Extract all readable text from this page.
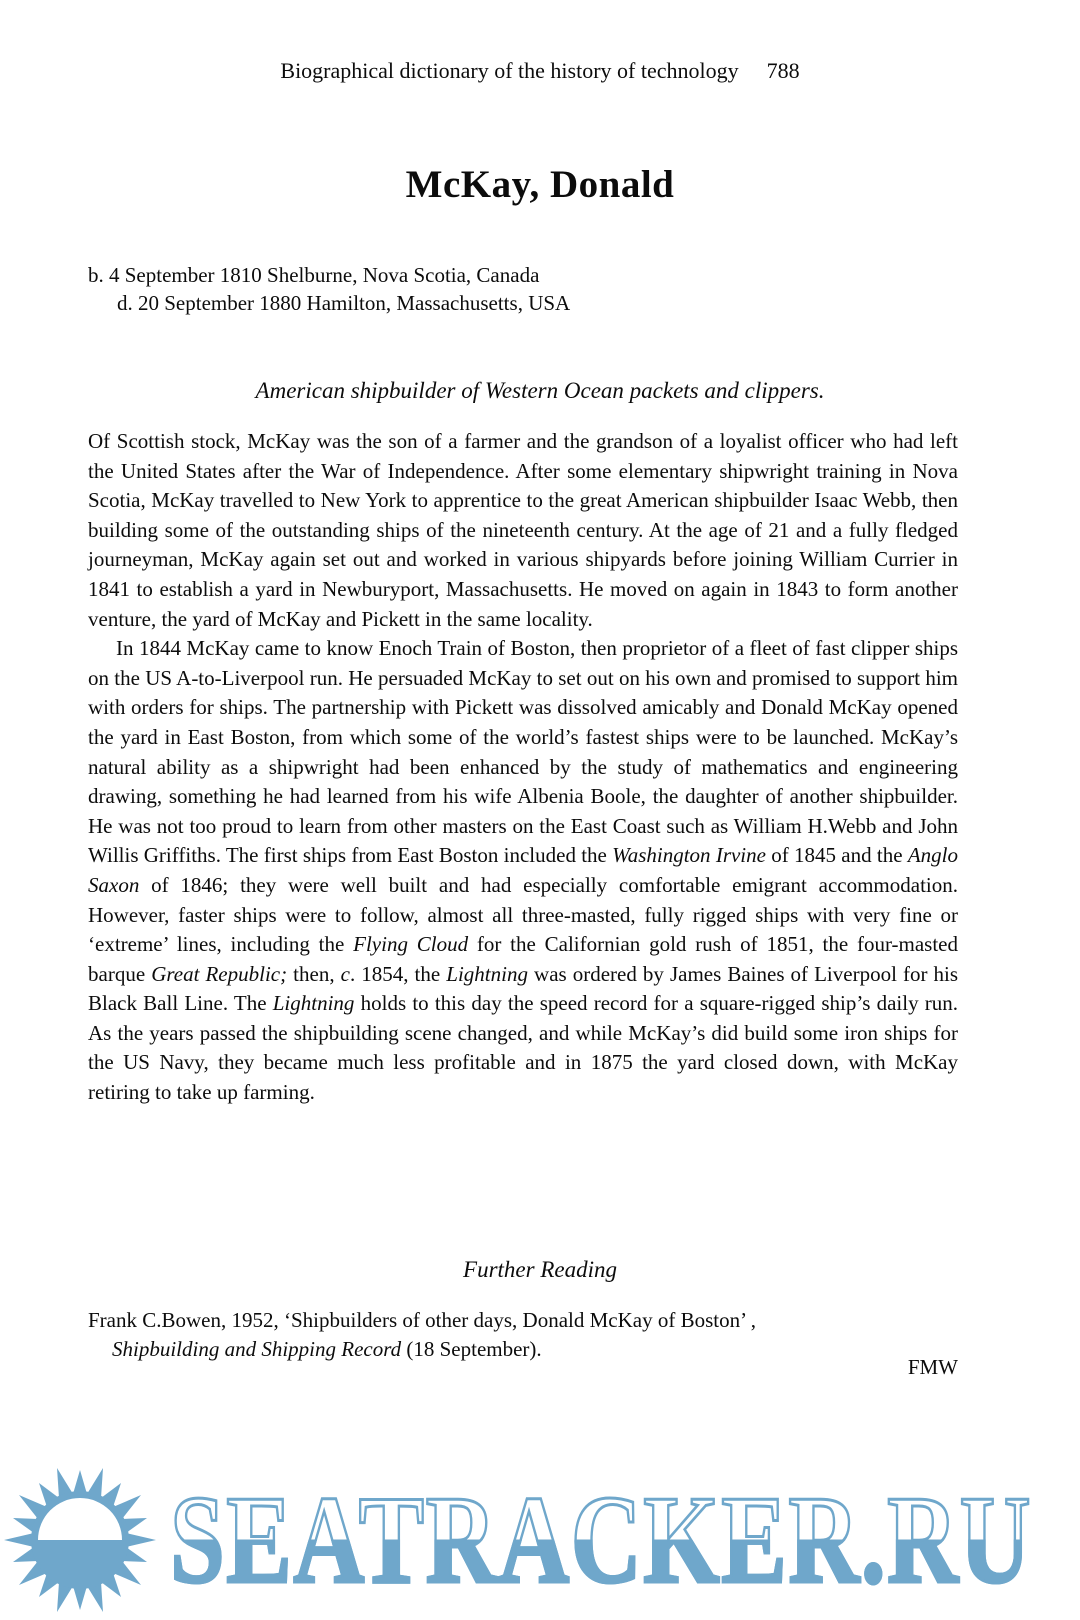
Biographical dictionary of the history of technology 788
McKay, Donald
b. 4 September 1810 Shelburne, Nova Scotia, Canada
d. 20 September 1880 Hamilton, Massachusetts, USA
American shipbuilder of Western Ocean packets and clippers.

Of Scottish stock, McKay was the son of a farmer and the grandson of a loyalist officer who had left the United States after the War of Independence. After some elementary shipwright training in Nova Scotia, McKay travelled to New York to apprentice to the great American shipbuilder Isaac Webb, then building some of the outstanding ships of the nineteenth century. At the age of 21 and a fully fledged journeyman, McKay again set out and worked in various shipyards before joining William Currier in 1841 to establish a yard in Newburyport, Massachusetts. He moved on again in 1843 to form another venture, the yard of McKay and Pickett in the same locality.

In 1844 McKay came to know Enoch Train of Boston, then proprietor of a fleet of fast clipper ships on the US A-to-Liverpool run. He persuaded McKay to set out on his own and promised to support him with orders for ships. The partnership with Pickett was dissolved amicably and Donald McKay opened the yard in East Boston, from which some of the world’s fastest ships were to be launched. McKay’s natural ability as a shipwright had been enhanced by the study of mathematics and engineering drawing, something he had learned from his wife Albenia Boole, the daughter of another shipbuilder. He was not too proud to learn from other masters on the East Coast such as William H.Webb and John Willis Griffiths. The first ships from East Boston included the Washington Irvine of 1845 and the Anglo Saxon of 1846; they were well built and had especially comfortable emigrant accommodation. However, faster ships were to follow, almost all three-masted, fully rigged ships with very fine or ‘extreme’ lines, including the Flying Cloud for the Californian gold rush of 1851, the four-masted barque Great Republic; then, c. 1854, the Lightning was ordered by James Baines of Liverpool for his Black Ball Line. The Lightning holds to this day the speed record for a square-rigged ship’s daily run. As the years passed the shipbuilding scene changed, and while McKay’s did build some iron ships for the US Navy, they became much less profitable and in 1875 the yard closed down, with McKay retiring to take up farming.

Further Reading
Frank C.Bowen, 1952, ‘Shipbuilders of other days, Donald McKay of Boston’ ,
Shipbuilding and Shipping Record (18 September).
FMW
SEATRACKER.RU
